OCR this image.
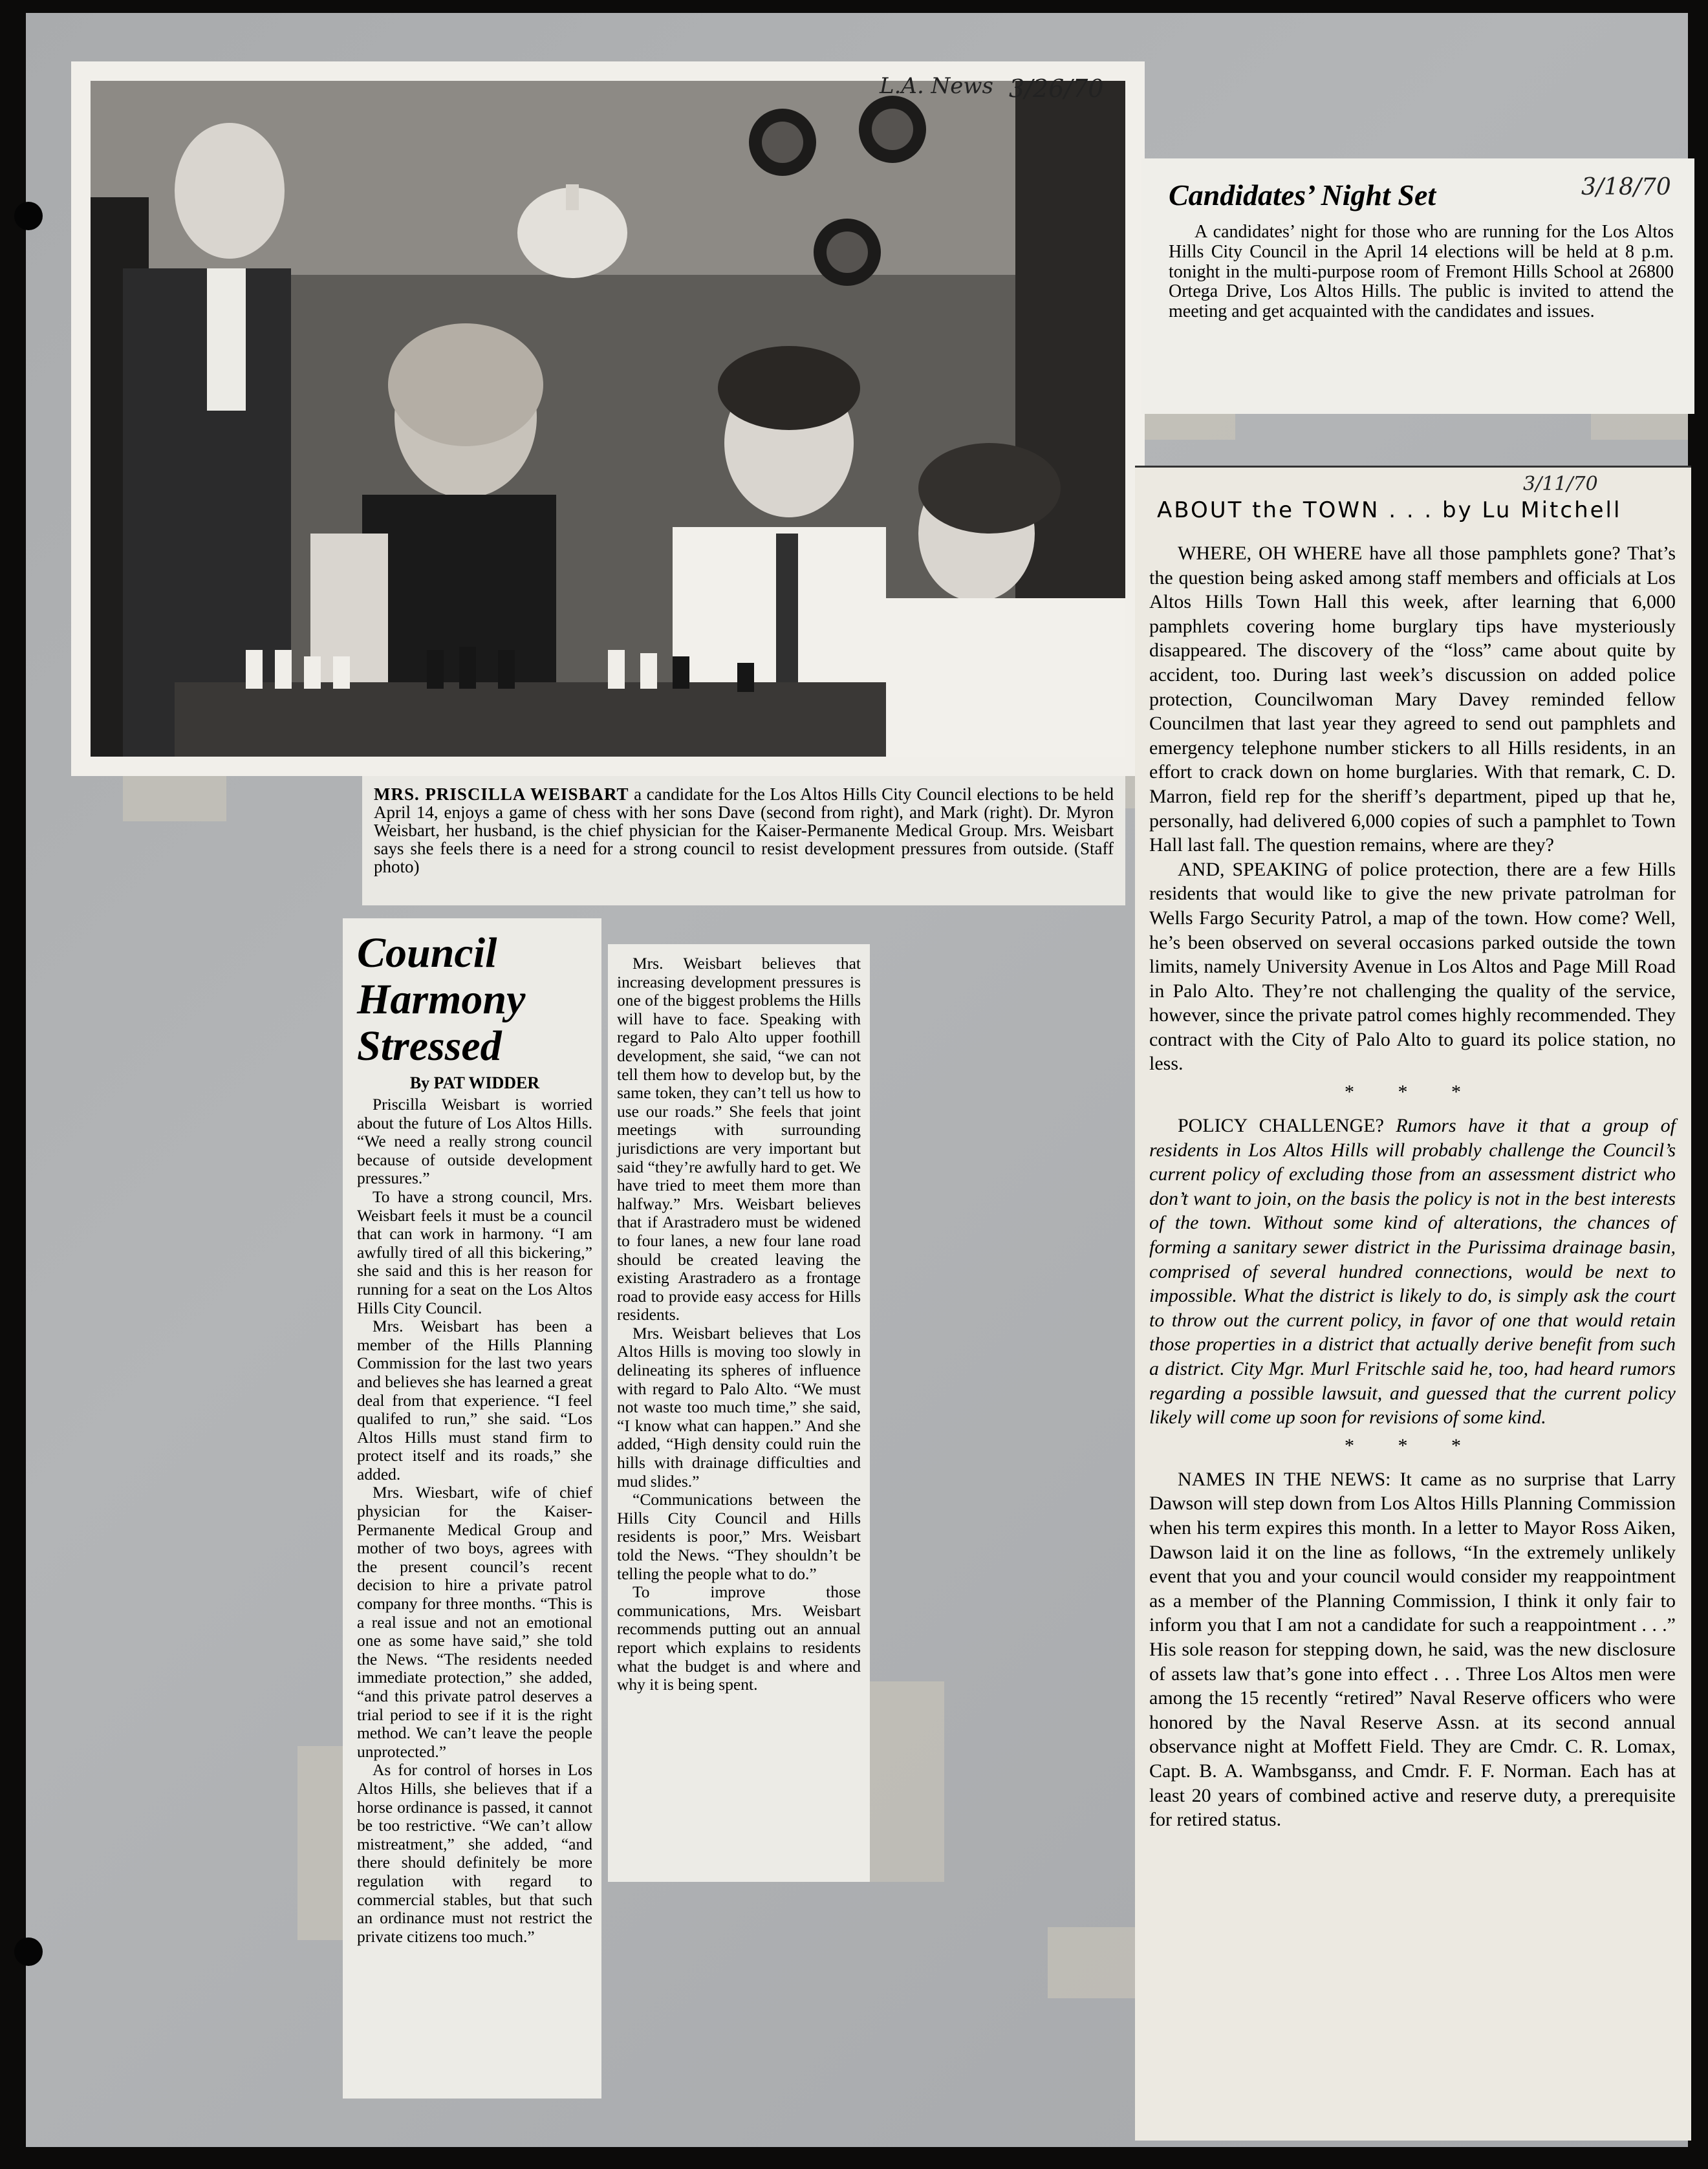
L.A. News 3/26/70
MRS. PRISCILLA WEISBART a candidate for the Los Altos Hills City Council elections to be held April 14, enjoys a game of chess with her sons Dave (second from right), and Mark (right). Dr. Myron Weisbart, her husband, is the chief physician for the Kaiser-Permanente Medical Group. Mrs. Weisbart says she feels there is a need for a strong council to resist development pressures from outside. (Staff photo)
Council Harmony Stressed
By PAT WIDDER

Priscilla Weisbart is worried about the future of Los Altos Hills. “We need a really strong council because of outside development pressures.”

To have a strong council, Mrs. Weisbart feels it must be a council that can work in harmony. “I am awfully tired of all this bickering,” she said and this is her reason for running for a seat on the Los Altos Hills City Council.

Mrs. Weisbart has been a member of the Hills Planning Commission for the last two years and believes she has learned a great deal from that experience. “I feel qualifed to run,” she said. “Los Altos Hills must stand firm to protect itself and its roads,” she added.

Mrs. Wiesbart, wife of chief physician for the Kaiser-Permanente Medical Group and mother of two boys, agrees with the present council’s recent decision to hire a private patrol company for three months. “This is a real issue and not an emotional one as some have said,” she told the News. “The residents needed immediate protection,” she added, “and this private patrol deserves a trial period to see if it is the right method. We can’t leave the people unprotected.”

As for control of horses in Los Altos Hills, she believes that if a horse ordinance is passed, it cannot be too restrictive. “We can’t allow mistreatment,” she added, “and there should definitely be more regulation with regard to commercial stables, but that such an ordinance must not restrict the private citizens too much.”

Mrs. Weisbart believes that increasing development pressures is one of the biggest problems the Hills will have to face. Speaking with regard to Palo Alto upper foothill development, she said, “we can not tell them how to develop but, by the same token, they can’t tell us how to use our roads.” She feels that joint meetings with surrounding jurisdictions are very important but said “they’re awfully hard to get. We have tried to meet them more than halfway.” Mrs. Weisbart believes that if Arastradero must be widened to four lanes, a new four lane road should be created leaving the existing Arastradero as a frontage road to provide easy access for Hills residents.

Mrs. Weisbart believes that Los Altos Hills is moving too slowly in delineating its spheres of influence with regard to Palo Alto. “We must not waste too much time,” she said, “I know what can happen.” And she added, “High density could ruin the hills with drainage difficulties and mud slides.”

“Communications between the Hills City Council and Hills residents is poor,” Mrs. Weisbart told the News. “They shouldn’t be telling the people what to do.”

To improve those communications, Mrs. Weisbart recommends putting out an annual report which explains to residents what the budget is and where and why it is being spent.

Candidates’ Night Set

A candidates’ night for those who are running for the Los Altos Hills City Council in the April 14 elections will be held at 8 p.m. tonight in the multi-purpose room of Fremont Hills School at 26800 Ortega Drive, Los Altos Hills. The public is invited to attend the meeting and get acquainted with the candidates and issues.

3/18/70
3/11/70
ABOUT the TOWN . . . by Lu Mitchell

WHERE, OH WHERE have all those pamphlets gone? That’s the question being asked among staff members and officials at Los Altos Hills Town Hall this week, after learning that 6,000 pamphlets covering home burglary tips have mysteriously disappeared. The discovery of the “loss” came about quite by accident, too. During last week’s discussion on added police protection, Councilwoman Mary Davey reminded fellow Councilmen that last year they agreed to send out pamphlets and emergency telephone number stickers to all Hills residents, in an effort to crack down on home burglaries. With that remark, C. D. Marron, field rep for the sheriff’s department, piped up that he, personally, had delivered 6,000 copies of such a pamphlet to Town Hall last fall. The question remains, where are they?

AND, SPEAKING of police protection, there are a few Hills residents that would like to give the new private patrolman for Wells Fargo Security Patrol, a map of the town. How come? Well, he’s been observed on several occasions parked outside the town limits, namely University Avenue in Los Altos and Page Mill Road in Palo Alto. They’re not challenging the quality of the service, however, since the private patrol comes highly recommended. They contract with the City of Palo Alto to guard its police station, no less.

* * *

POLICY CHALLENGE? Rumors have it that a group of residents in Los Altos Hills will probably challenge the Council’s current policy of excluding those from an assessment district who don’t want to join, on the basis the policy is not in the best interests of the town. Without some kind of alterations, the chances of forming a sanitary sewer district in the Purissima drainage basin, comprised of several hundred connections, would be next to impossible. What the district is likely to do, is simply ask the court to throw out the current policy, in favor of one that would retain those properties in a district that actually derive benefit from such a district. City Mgr. Murl Fritschle said he, too, had heard rumors regarding a possible lawsuit, and guessed that the current policy likely will come up soon for revisions of some kind.

* * *

NAMES IN THE NEWS: It came as no surprise that Larry Dawson will step down from Los Altos Hills Planning Commission when his term expires this month. In a letter to Mayor Ross Aiken, Dawson laid it on the line as follows, “In the extremely unlikely event that you and your council would consider my reappointment as a member of the Planning Commission, I think it only fair to inform you that I am not a candidate for such a reappointment . . .” His sole reason for stepping down, he said, was the new disclosure of assets law that’s gone into effect . . . Three Los Altos men were among the 15 recently “retired” Naval Reserve officers who were honored by the Naval Reserve Assn. at its second annual observance night at Moffett Field. They are Cmdr. C. R. Lomax, Capt. B. A. Wambsganss, and Cmdr. F. F. Norman. Each has at least 20 years of combined active and reserve duty, a prerequisite for retired status.
